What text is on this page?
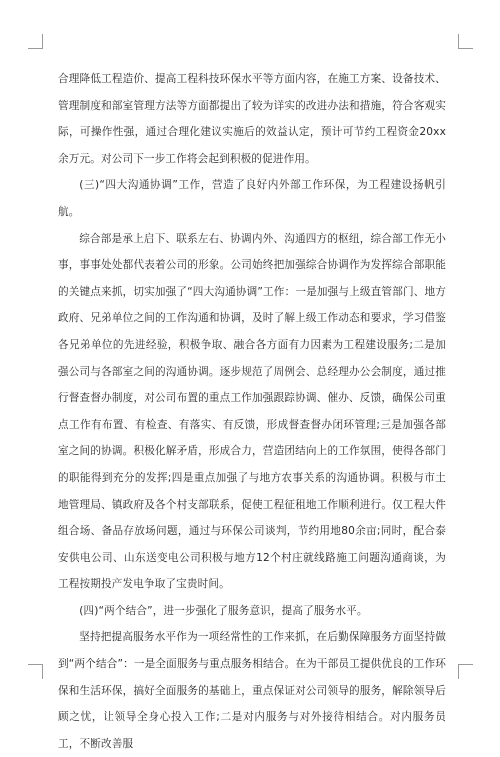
合理降低工程造价、提高工程科技环保水平等方面内容，在施工方案、设备技术、管理制度和部室管理方法等方面都提出了较为详实的改进办法和措施，符合客观实际，可操作性强，通过合理化建议实施后的效益认定，预计可节约工程资金20xx余万元。对公司下一步工作将会起到积极的促进作用。

(三)“四大沟通协调”工作，营造了良好内外部工作环保，为工程建设扬帆引航。

综合部是承上启下、联系左右、协调内外、沟通四方的枢纽，综合部工作无小事，事事处处都代表着公司的形象。公司始终把加强综合协调作为发挥综合部职能的关键点来抓，切实加强了“四大沟通协调”工作：一是加强与上级直管部门、地方政府、兄弟单位之间的工作沟通和协调，及时了解上级工作动态和要求，学习借鉴各兄弟单位的先进经验，积极争取、融合各方面有力因素为工程建设服务;二是加强公司与各部室之间的沟通协调。逐步规范了周例会、总经理办公会制度，通过推行督查督办制度，对公司布置的重点工作加强跟踪协调、催办、反馈，确保公司重点工作有布置、有检查、有落实、有反馈，形成督查督办闭环管理;三是加强各部室之间的协调。积极化解矛盾，形成合力，营造团结向上的工作氛围，使得各部门的职能得到充分的发挥;四是重点加强了与地方农事关系的沟通协调。积极与市土地管理局、镇政府及各个村支部联系，促使工程征租地工作顺利进行。仅工程大件组合场、备品存放场问题，通过与环保公司谈判，节约用地80余亩;同时，配合泰安供电公司、山东送变电公司积极与地方12个村庄就线路施工问题沟通商谈，为工程按期投产发电争取了宝贵时间。

(四)“两个结合”，进一步强化了服务意识，提高了服务水平。

坚持把提高服务水平作为一项经常性的工作来抓，在后勤保障服务方面坚持做到“两个结合”：一是全面服务与重点服务相结合。在为干部员工提供优良的工作环保和生活环保，搞好全面服务的基础上，重点保证对公司领导的服务，解除领导后顾之忧，让领导全身心投入工作;二是对内服务与对外接待相结合。对内服务员工，不断改善服
